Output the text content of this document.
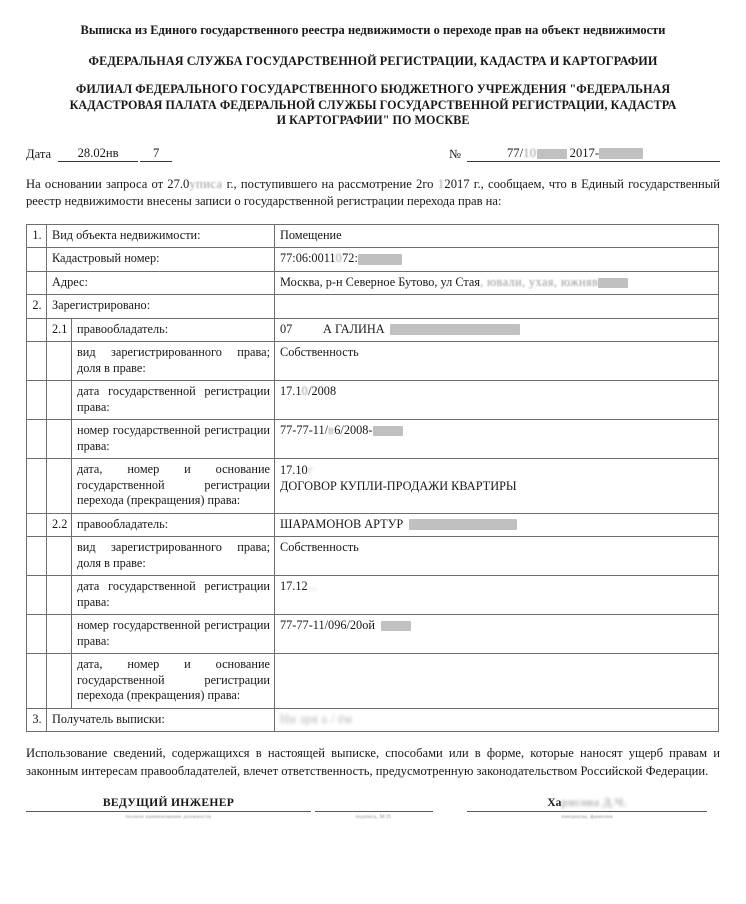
Выписка из Единого государственного реестра недвижимости о переходе прав на объект недвижимости
ФЕДЕРАЛЬНАЯ СЛУЖБА ГОСУДАРСТВЕННОЙ РЕГИСТРАЦИИ, КАДАСТРА И КАРТОГРАФИИ
ФИЛИАЛ ФЕДЕРАЛЬНОГО ГОСУДАРСТВЕННОГО БЮДЖЕТНОГО УЧРЕЖДЕНИЯ "ФЕДЕРАЛЬНАЯ КАДАСТРОВАЯ ПАЛАТА ФЕДЕРАЛЬНОЙ СЛУЖБЫ ГОСУДАРСТВЕННОЙ РЕГИСТРАЦИИ, КАДАСТРА И КАРТОГРАФИИ" ПО МОСКВЕ
Дата	28.02нв	7	№	77/10	2017-
На основании запроса от 27.0уписа г., поступившего на рассмотрение 2го 12017 г., сообщаем, что в Единый государственный реестр недвижимости внесены записи о государственной регистрации перехода прав на:
1.	Вид объекта недвижимости:		Помещение
	Кадастровый номер:		77:06:0011072:
	Адрес:		Москва, р-н Северное Бутово, ул Стая, ювали, ухая, южняв
2.	Зарегистрировано:		
	2.1	правообладатель:	07 А ГАЛИНА
		вид зарегистрированного права; доля в праве:	Собственность
		дата государственной регистрации права:	17.10/2008
		номер государственной регистрации права:	77-77-11/в6/2008-
		дата, номер и основание государственной регистрации перехода (прекращения) права:	17.10г
ДОГОВОР КУПЛИ-ПРОДАЖИ КВАРТИРЫ

	2.2	правообладатель:	ШАРАМОНОВ АРТУР
		вид зарегистрированного права; доля в праве:	Собственность
		дата государственной регистрации права:	17.12...
		номер государственной регистрации права:	77-77-11/096/20ой
		дата, номер и основание государственной регистрации перехода (прекращения) права:	
3.	Получатель выписки:		Ни эря а / ём
Использование сведений, содержащихся в настоящей выписке, способами или в форме, которые наносят ущерб правам и законным интересам правообладателей, влечет ответственность, предусмотренную законодательством Российской Федерации.
ВЕДУЩИЙ ИНЖЕНЕР
полное наименование должности
	подпись, М.П.
Харисова Д.Ч.
инициалы, фамилия
